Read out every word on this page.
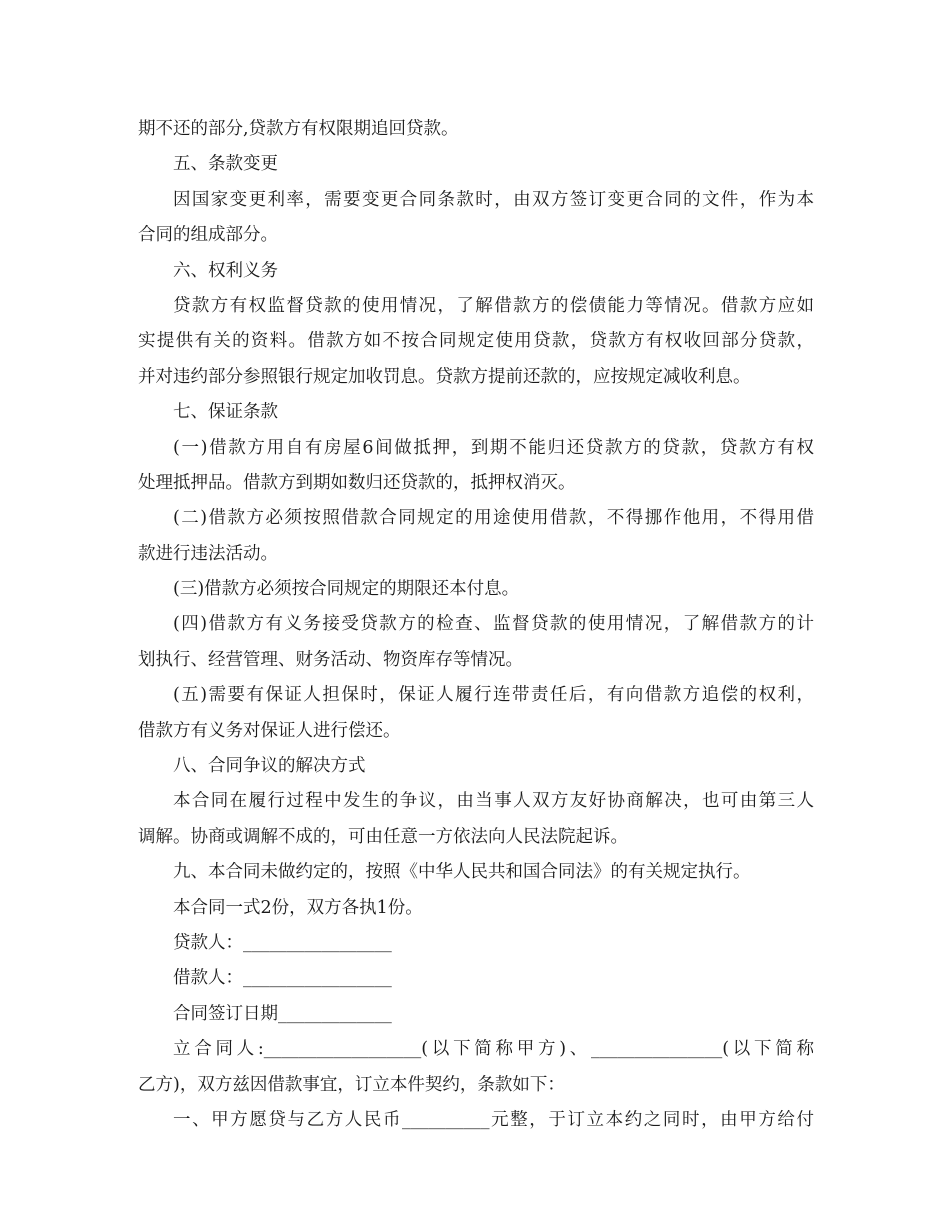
期不还的部分,贷款方有权限期追回贷款。
五、条款变更
因国家变更利率，需要变更合同条款时，由双方签订变更合同的文件，作为本
合同的组成部分。
六、权利义务
贷款方有权监督贷款的使用情况，了解借款方的偿债能力等情况。借款方应如
实提供有关的资料。借款方如不按合同规定使用贷款，贷款方有权收回部分贷款，
并对违约部分参照银行规定加收罚息。贷款方提前还款的，应按规定减收利息。
七、保证条款
(一)借款方用自有房屋6间做抵押，到期不能归还贷款方的贷款，贷款方有权
处理抵押品。借款方到期如数归还贷款的，抵押权消灭。
(二)借款方必须按照借款合同规定的用途使用借款，不得挪作他用，不得用借
款进行违法活动。
(三)借款方必须按合同规定的期限还本付息。
(四)借款方有义务接受贷款方的检查、监督贷款的使用情况，了解借款方的计
划执行、经营管理、财务活动、物资库存等情况。
(五)需要有保证人担保时，保证人履行连带责任后，有向借款方追偿的权利，
借款方有义务对保证人进行偿还。
八、合同争议的解决方式
本合同在履行过程中发生的争议，由当事人双方友好协商解决，也可由第三人
调解。协商或调解不成的，可由任意一方依法向人民法院起诉。
九、本合同未做约定的，按照《中华人民共和国合同法》的有关规定执行。
本合同一式2份，双方各执1份。
贷款人：_________________
借款人：_________________
合同签订日期_____________
立合同人:__________________(以下简称甲方)、_______________(以下简称
乙方)，双方兹因借款事宜，订立本件契约，条款如下：
一、甲方愿贷与乙方人民币__________元整，于订立本约之同时，由甲方给付
